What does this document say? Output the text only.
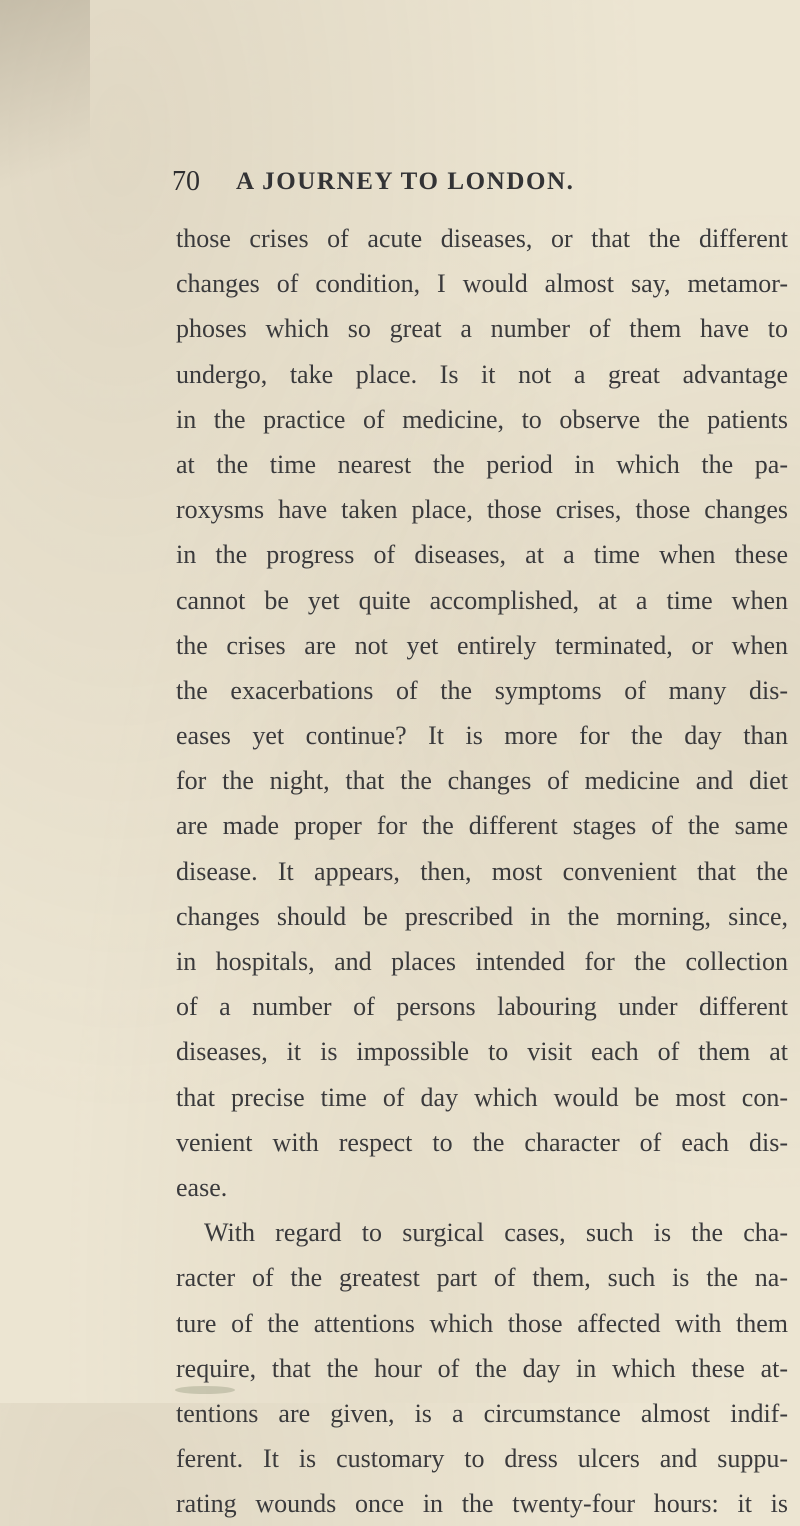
70 A JOURNEY TO LONDON.
those crises of acute diseases, or that the different
changes of condition, I would almost say, metamor-
phoses which so great a number of them have to
undergo, take place. Is it not a great advantage
in the practice of medicine, to observe the patients
at the time nearest the period in which the pa-
roxysms have taken place, those crises, those changes
in the progress of diseases, at a time when these
cannot be yet quite accomplished, at a time when
the crises are not yet entirely terminated, or when
the exacerbations of the symptoms of many dis-
eases yet continue? It is more for the day than
for the night, that the changes of medicine and diet
are made proper for the different stages of the same
disease. It appears, then, most convenient that the
changes should be prescribed in the morning, since,
in hospitals, and places intended for the collection
of a number of persons labouring under different
diseases, it is impossible to visit each of them at
that precise time of day which would be most con-
venient with respect to the character of each dis-
ease.
With regard to surgical cases, such is the cha-
racter of the greatest part of them, such is the na-
ture of the attentions which those affected with them
require, that the hour of the day in which these at-
tentions are given, is a circumstance almost indif-
ferent. It is customary to dress ulcers and suppu-
rating wounds once in the twenty-four hours: it is
